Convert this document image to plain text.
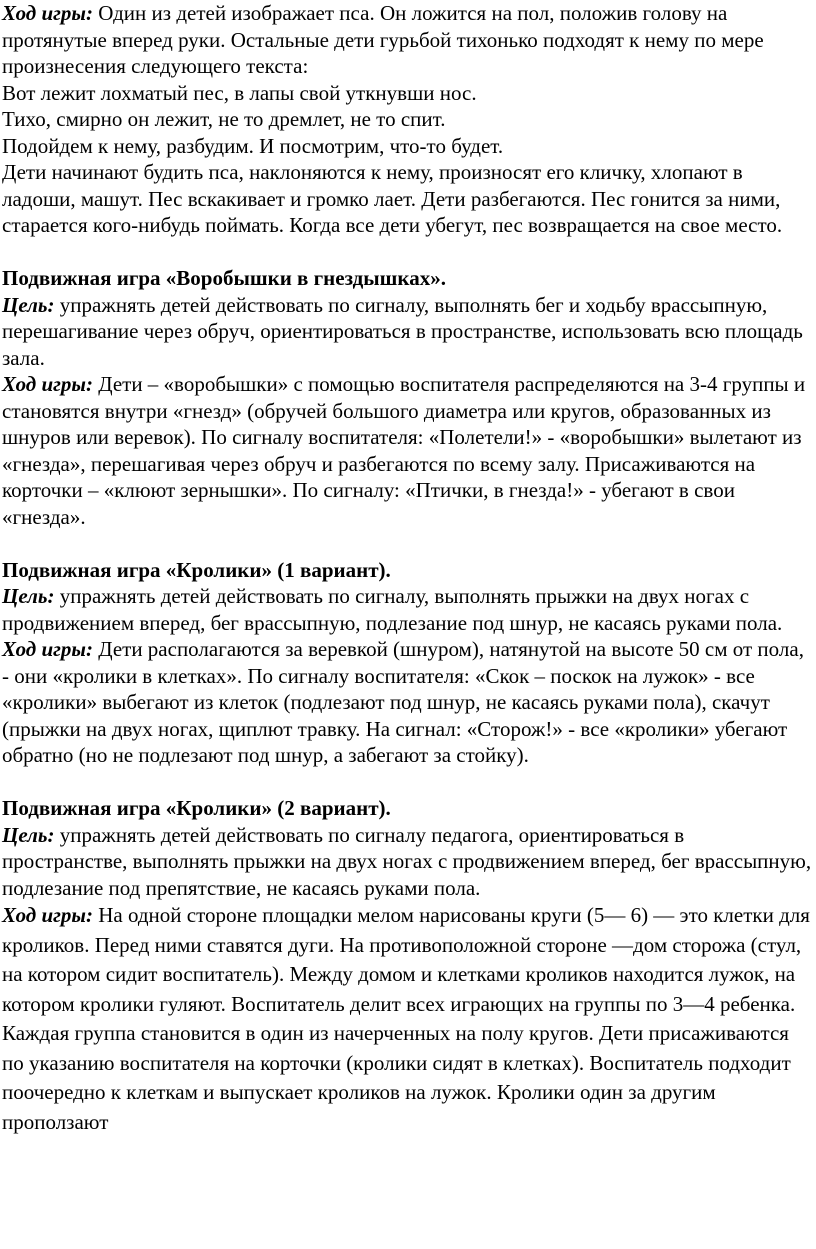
Ход игры: Один из детей изображает пса. Он ложится на пол, положив голову на протянутые вперед руки. Остальные дети гурьбой тихонько подходят к нему по мере произнесения следующего текста:

Вот лежит лохматый пес, в лапы свой уткнувши нос.

Тихо, смирно он лежит, не то дремлет, не то спит.

Подойдем к нему, разбудим. И посмотрим, что-то будет.

Дети начинают будить пса, наклоняются к нему, произносят его кличку, хлопают в ладоши, машут. Пес вскакивает и громко лает. Дети разбегаются. Пес гонится за ними, старается кого-нибудь поймать. Когда все дети убегут, пес возвращается на свое место.

Подвижная игра «Воробышки в гнездышках».

Цель: упражнять детей действовать по сигналу, выполнять бег и ходьбу врассыпную, перешагивание через обруч, ориентироваться в пространстве, использовать всю площадь зала.

Ход игры: Дети – «воробышки» с помощью воспитателя распределяются на 3-4 группы и становятся внутри «гнезд» (обручей большого диаметра или кругов, образованных из шнуров или веревок). По сигналу воспитателя: «Полетели!» - «воробышки» вылетают из «гнезда», перешагивая через обруч и разбегаются по всему залу. Присаживаются на корточки – «клюют зернышки». По сигналу: «Птички, в гнезда!» - убегают в свои «гнезда».

Подвижная игра «Кролики» (1 вариант).

Цель: упражнять детей действовать по сигналу, выполнять прыжки на двух ногах с продвижением вперед, бег врассыпную, подлезание под шнур, не касаясь руками пола.

Ход игры: Дети располагаются за веревкой (шнуром), натянутой на высоте 50 см от пола, - они «кролики в клетках». По сигналу воспитателя: «Скок – поскок на лужок» - все «кролики» выбегают из клеток (подлезают под шнур, не касаясь руками пола), скачут (прыжки на двух ногах, щиплют травку. На сигнал: «Сторож!» - все «кролики» убегают обратно (но не подлезают под шнур, а забегают за стойку).

Подвижная игра «Кролики» (2 вариант).

Цель: упражнять детей действовать по сигналу педагога, ориентироваться в пространстве, выполнять прыжки на двух ногах с продвижением вперед, бег врассыпную, подлезание под препятствие, не касаясь руками пола.

Ход игры: На одной стороне площадки мелом нарисованы круги (5— 6) — это клетки для кроликов. Перед ними ставятся дуги. На противоположной стороне —дом сторожа (стул, на котором сидит воспитатель). Между домом и клетками кроликов находится лужок, на котором кролики гуляют. Воспитатель делит всех играющих на группы по 3—4 ребенка. Каждая группа становится в один из начерченных на полу кругов. Дети присаживаются по указанию воспитателя на корточки (кролики сидят в клетках). Воспитатель подходит поочередно к клеткам и выпускает кроликов на лужок. Кролики один за другим проползают
